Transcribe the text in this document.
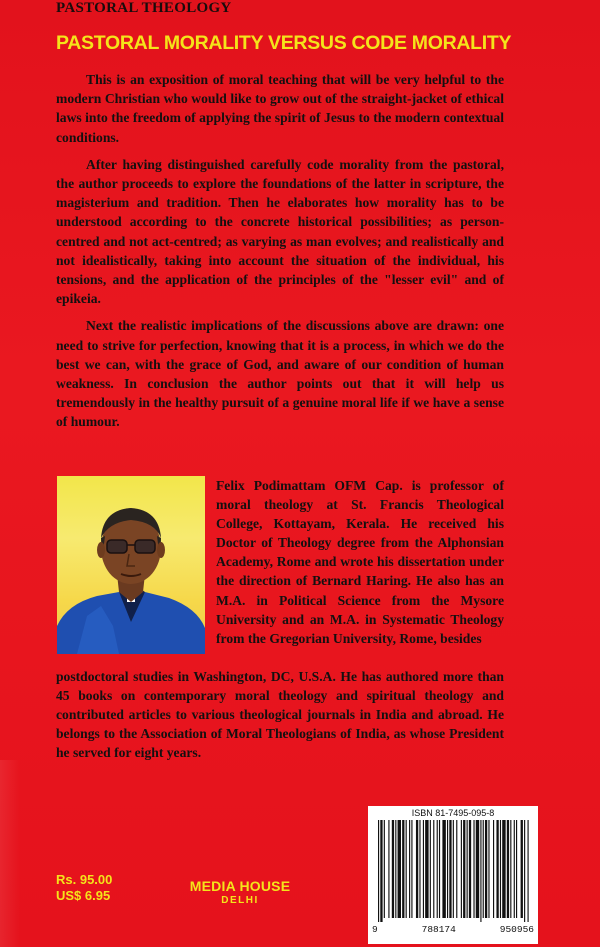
PASTORAL THEOLOGY
PASTORAL MORALITY VERSUS CODE MORALITY

This is an exposition of moral teaching that will be very helpful to the modern Christian who would like to grow out of the straight-jacket of ethical laws into the freedom of applying the spirit of Jesus to the modern contextual conditions.

After having distinguished carefully code morality from the pastoral, the author proceeds to explore the foundations of the latter in scripture, the magisterium and tradition. Then he elaborates how morality has to be understood according to the concrete historical possibilities; as person-centred and not act-centred; as varying as man evolves; and realistically and not idealistically, taking into account the situation of the individual, his tensions, and the application of the principles of the "lesser evil" and of epikeia.

Next the realistic implications of the discussions above are drawn: one need to strive for perfection, knowing that it is a process, in which we do the best we can, with the grace of God, and aware of our condition of human weakness. In conclusion the author points out that it will help us tremendously in the healthy pursuit of a genuine moral life if we have a sense of humour.

Felix Podimattam OFM Cap. is professor of moral theology at St. Francis Theological College, Kottayam, Kerala. He received his Doctor of Theology degree from the Alphonsian Academy, Rome and wrote his dissertation under the direction of Bernard Haring. He also has an M.A. in Political Science from the Mysore University and an M.A. in Systematic Theology from the Gregorian University, Rome, besides

postdoctoral studies in Washington, DC, U.S.A. He has authored more than 45 books on contemporary moral theology and spiritual theology and contributed articles to various theological journals in India and abroad. He belongs to the Association of Moral Theologians of India, as whose President he served for eight years.

ISBN 81-7495-095-8
9	788174	950956
Rs. 95.00
US$ 6.95
MEDIA HOUSE
DELHI
